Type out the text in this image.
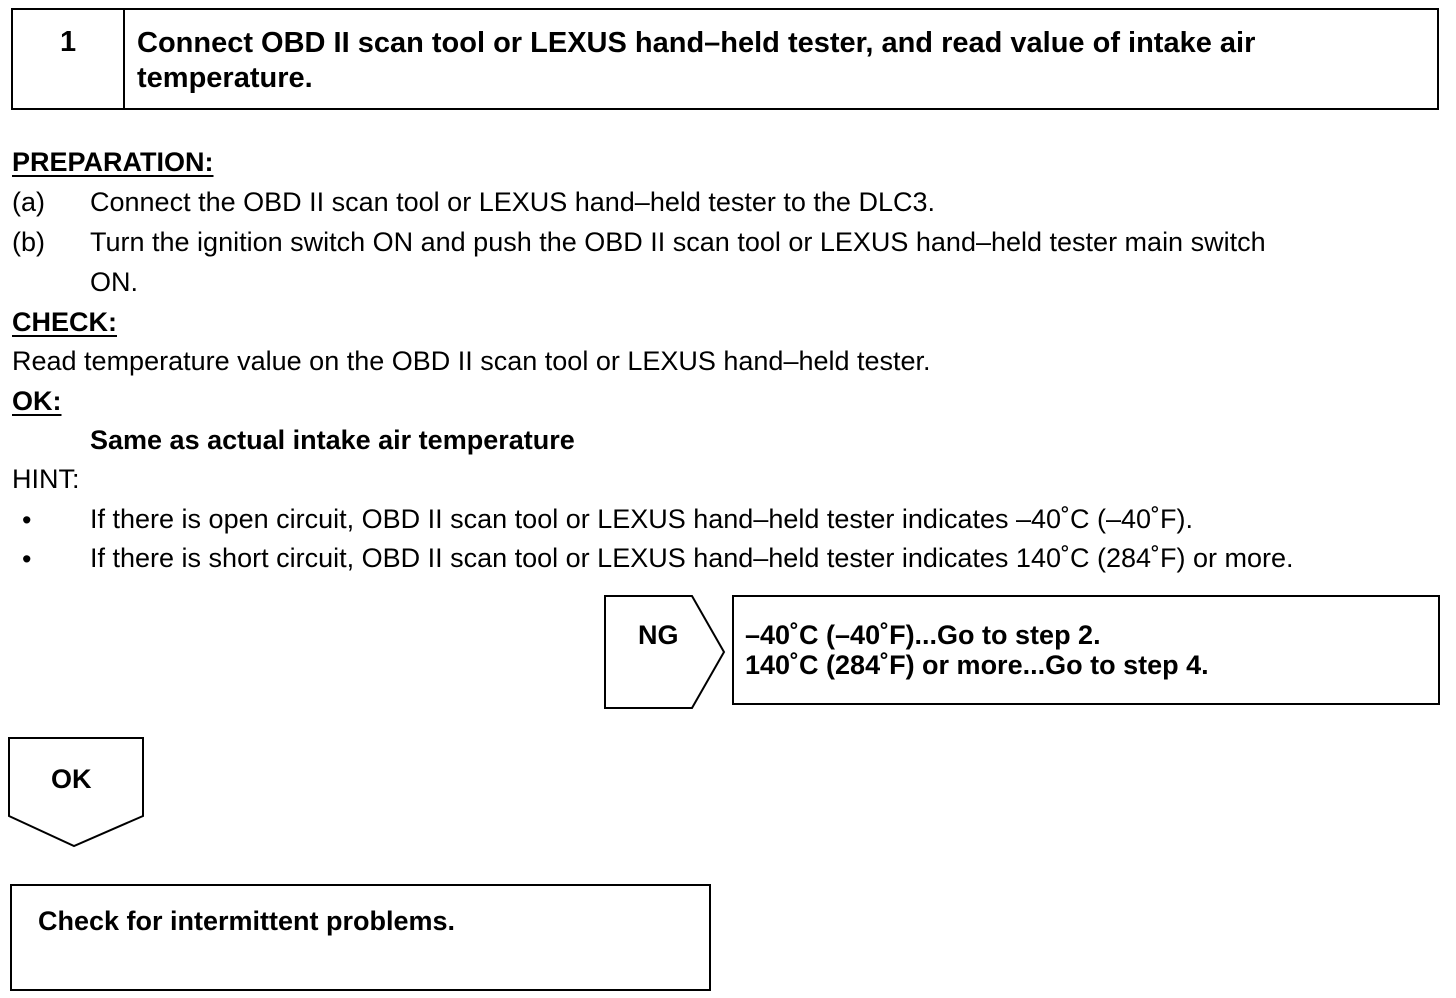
1 Connect OBD II scan tool or LEXUS hand–held tester, and read value of intake air temperature.
PREPARATION:
(a) Connect the OBD II scan tool or LEXUS hand–held tester to the DLC3.
(b) Turn the ignition switch ON and push the OBD II scan tool or LEXUS hand–held tester main switch
ON.
CHECK:
Read temperature value on the OBD II scan tool or LEXUS hand–held tester.
OK:
Same as actual intake air temperature
HINT:
• If there is open circuit, OBD II scan tool or LEXUS hand–held tester indicates –40˚C (–40˚F).
• If there is short circuit, OBD II scan tool or LEXUS hand–held tester indicates 140˚C (284˚F) or more.
NG –40˚C (–40˚F)...Go to step 2.
140˚C (284˚F) or more...Go to step 4.
OK
Check for intermittent problems.
